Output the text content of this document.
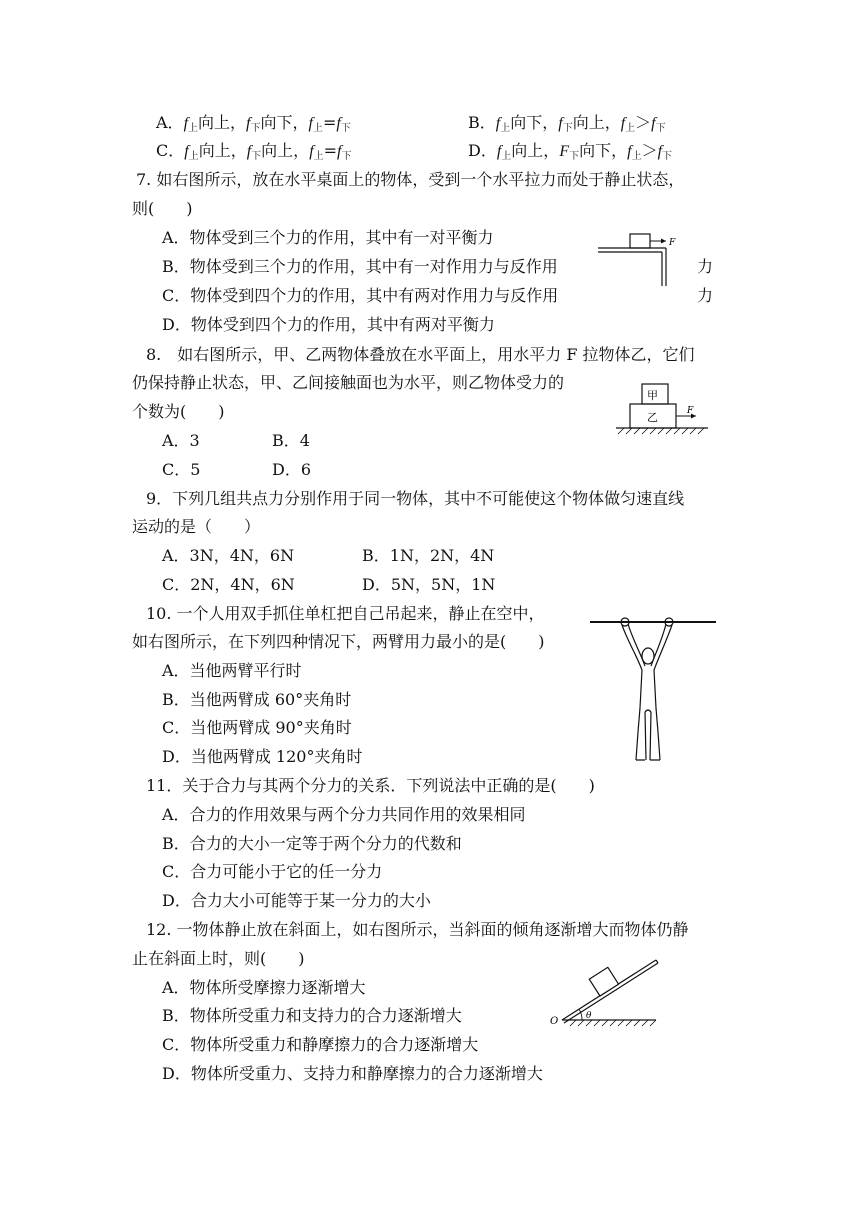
A．$f_上$向上，$f_下$向下，$f_上=f_下$	B．$f_上$向下，$f_下$向上，$f_上>f_下$
C．$f_上$向上，$f_下$向上，$f_上=f_下$	D．$f_上$向上，$F_下$向下，$f_上>f_下$
7. 如右图所示，放在水平桌面上的物体，受到一个水平拉力而处于静止状态，
则(　　)
A．物体受到三个力的作用，其中有一对平衡力
B．物体受到三个力的作用，其中有一对作用力与反作用	力
C．物体受到四个力的作用，其中有两对作用力与反作用	力
D．物体受到四个力的作用，其中有两对平衡力
F
8.　如右图所示，甲、乙两物体叠放在水平面上，用水平力 F 拉物体乙，它们
仍保持静止状态，甲、乙间接触面也为水平，则乙物体受力的
个数为(　　)
A．3	B．4
C．5	D．6
甲
乙	F
9．下列几组共点力分别作用于同一物体，其中不可能使这个物体做匀速直线
运动的是（　　）
A．3N，4N，6N	B．1N，2N，4N
C．2N，4N，6N	D．5N，5N，1N
10. 一个人用双手抓住单杠把自己吊起来，静止在空中，
如右图所示，在下列四种情况下，两臂用力最小的是(　　)
A．当他两臂平行时
B．当他两臂成 60°夹角时
C．当他两臂成 90°夹角时
D．当他两臂成 120°夹角时
11．关于合力与其两个分力的关系．下列说法中正确的是(　　)
A．合力的作用效果与两个分力共同作用的效果相同
B．合力的大小一定等于两个分力的代数和
C．合力可能小于它的任一分力
D．合力大小可能等于某一分力的大小
12. 一物体静止放在斜面上，如右图所示，当斜面的倾角逐渐增大而物体仍静
止在斜面上时，则(　　)
A．物体所受摩擦力逐渐增大
B．物体所受重力和支持力的合力逐渐增大
C．物体所受重力和静摩擦力的合力逐渐增大
D．物体所受重力、支持力和静摩擦力的合力逐渐增大
O	θ
